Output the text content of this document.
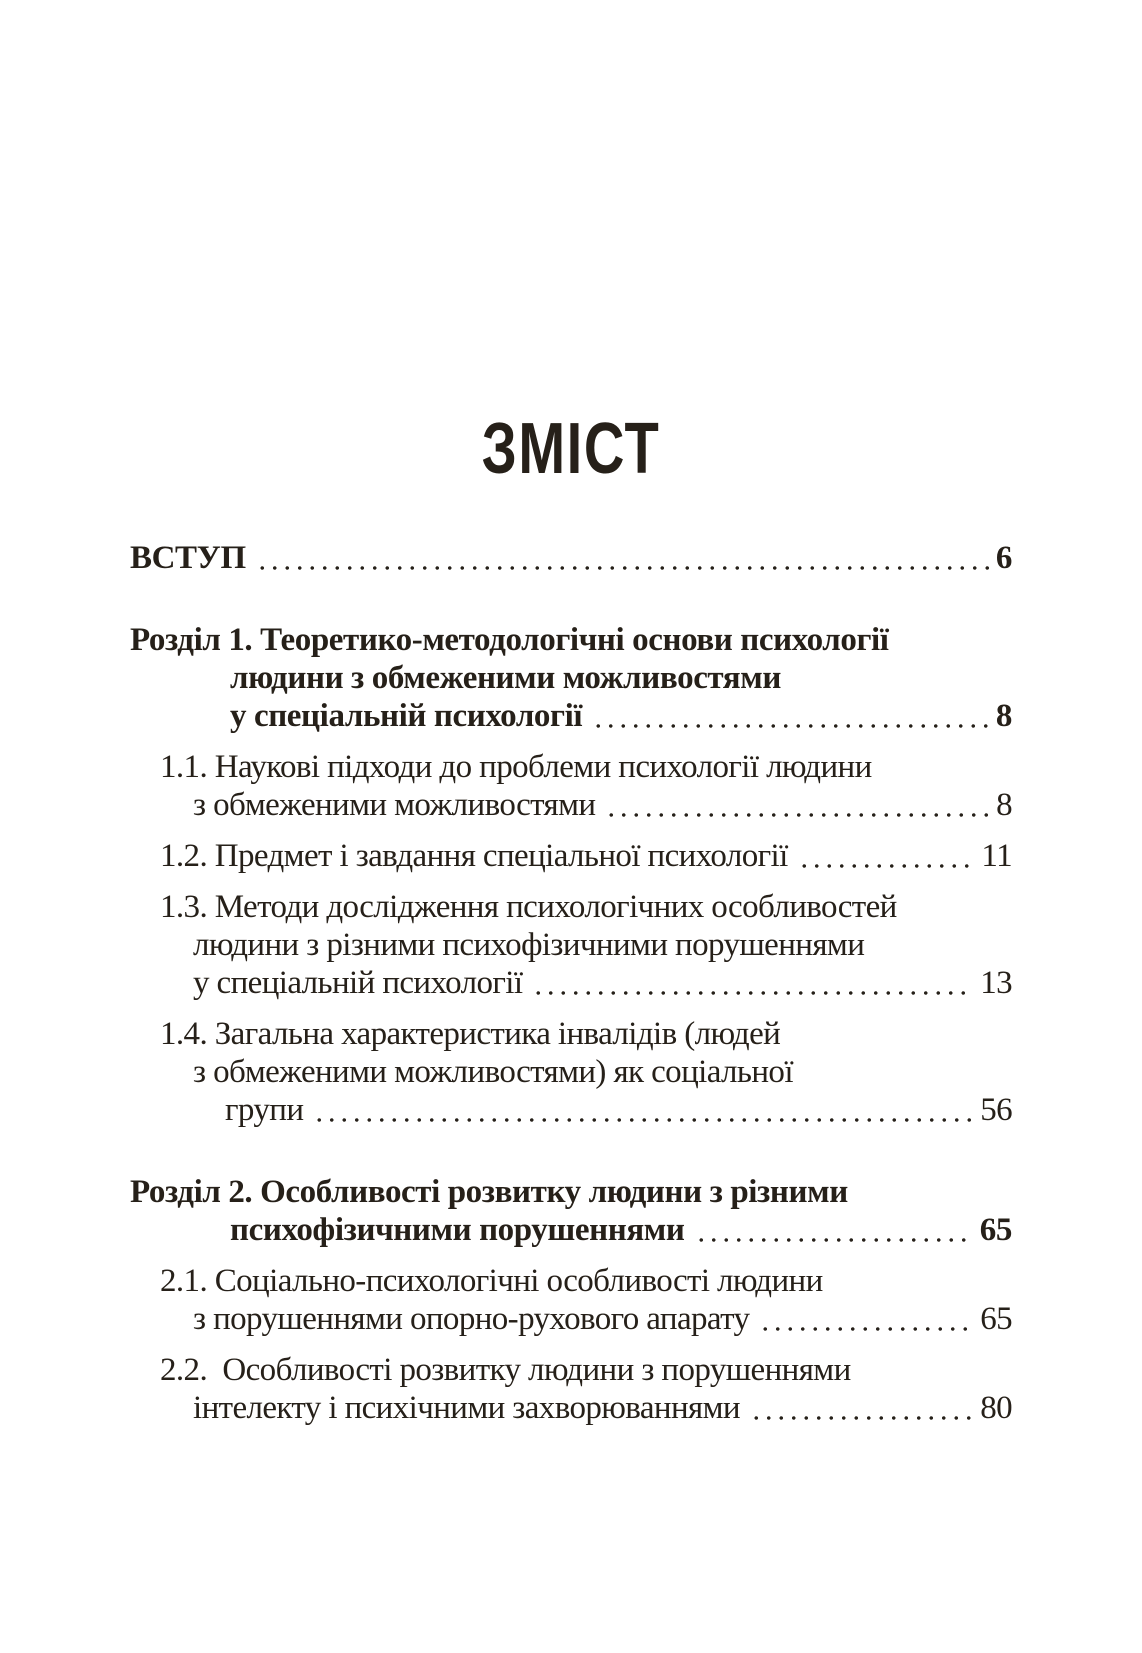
ЗМІСТ
ВСТУП	6
Розділ 1. Теоретико-методологічні основи психології
людини з обмеженими можливостями
у спеціальній психології	8
1.1. Наукові підходи до проблеми психології людини
з обмеженими можливостями	8
1.2. Предмет і завдання спеціальної психології	11
1.3. Методи дослідження психологічних особливостей
людини з різними психофізичними порушеннями
у спеціальній психології	13
1.4. Загальна характеристика інвалідів (людей
з обмеженими можливостями) як соціальної
групи	56
Розділ 2. Особливості розвитку людини з різними
психофізичними порушеннями	65
2.1. Соціально-психологічні особливості людини
з порушеннями опорно-рухового апарату	65
2.2.  Особливості розвитку людини з порушеннями
інтелекту і психічними захворюваннями	80
